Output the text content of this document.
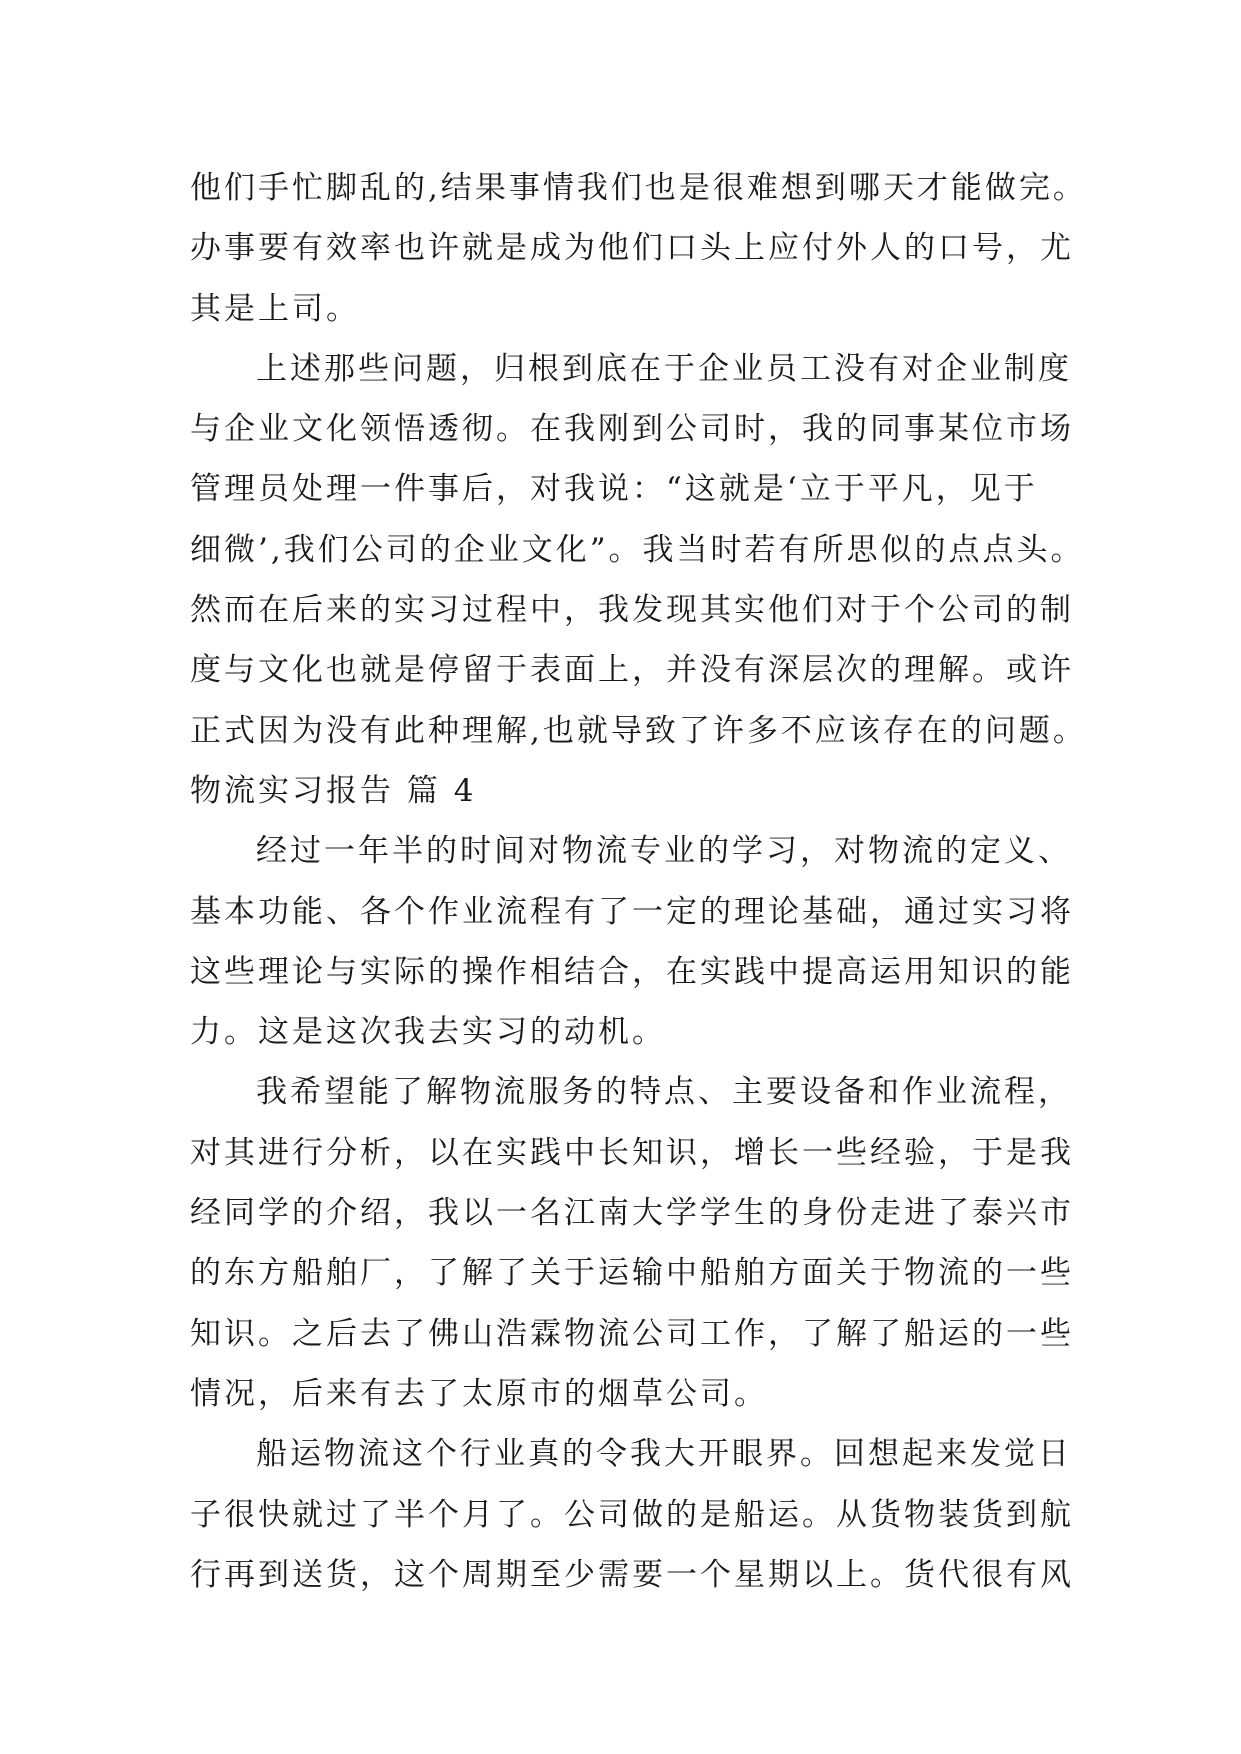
他们手忙脚乱的,结果事情我们也是很难想到哪天才能做完。
办事要有效率也许就是成为他们口头上应付外人的口号，尤
其是上司。
上述那些问题，归根到底在于企业员工没有对企业制度
与企业文化领悟透彻。在我刚到公司时，我的同事某位市场
管理员处理一件事后，对我说：“这就是‘立于平凡，见于
细微’,我们公司的企业文化”。我当时若有所思似的点点头。
然而在后来的实习过程中，我发现其实他们对于个公司的制
度与文化也就是停留于表面上，并没有深层次的理解。或许
正式因为没有此种理解,也就导致了许多不应该存在的问题。
物流实习报告 篇 4
经过一年半的时间对物流专业的学习，对物流的定义、
基本功能、各个作业流程有了一定的理论基础，通过实习将
这些理论与实际的操作相结合，在实践中提高运用知识的能
力。这是这次我去实习的动机。
我希望能了解物流服务的特点、主要设备和作业流程，
对其进行分析，以在实践中长知识，增长一些经验，于是我
经同学的介绍，我以一名江南大学学生的身份走进了泰兴市
的东方船舶厂，了解了关于运输中船舶方面关于物流的一些
知识。之后去了佛山浩霖物流公司工作，了解了船运的一些
情况，后来有去了太原市的烟草公司。
船运物流这个行业真的令我大开眼界。回想起来发觉日
子很快就过了半个月了。公司做的是船运。从货物装货到航
行再到送货，这个周期至少需要一个星期以上。货代很有风
